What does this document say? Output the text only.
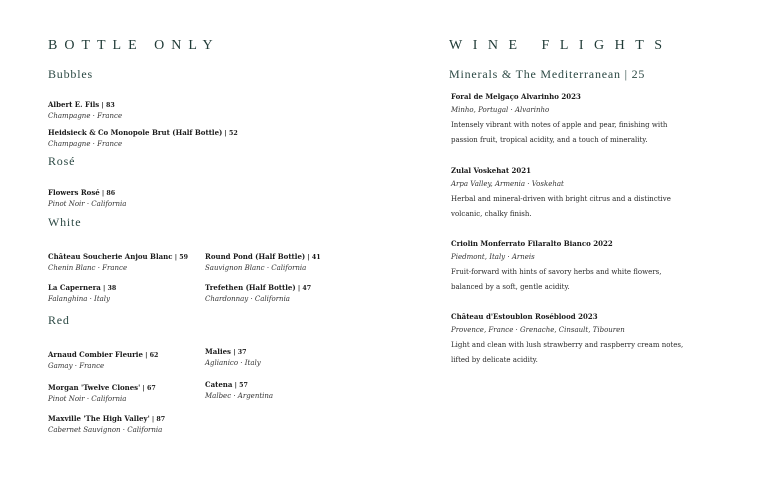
BOTTLE ONLY	WINE FLIGHTS
Bubbles
Albert E. Fils | 83
Champagne · France
Heidsieck & Co Monopole Brut (Half Bottle) | 52
Champagne · France
Rosé
Flowers Rosé | 86
Pinot Noir · California
White
Château Soucherie Anjou Blanc | 59
Chenin Blanc · France
Round Pond (Half Bottle) | 41
Sauvignon Blanc · California
La Capernera | 38
Falanghina · Italy
Trefethen (Half Bottle) | 47
Chardonnay · California
Red
Arnaud Combier Fleurie | 62
Gamay · France
Malies | 37
Aglianico · Italy
Morgan 'Twelve Clones' | 67
Pinot Noir · California
Catena | 57
Malbec · Argentina
Maxville 'The High Valley' | 87
Cabernet Sauvignon · California
Minerals & The Mediterranean | 25
Foral de Melgaço Alvarinho 2023
Minho, Portugal · Alvarinho
Intensely vibrant with notes of apple and pear, finishing with passion fruit, tropical acidity, and a touch of minerality.
Zulal Voskehat 2021
Arpa Valley, Armenia · Voskehat
Herbal and mineral-driven with bright citrus and a distinctive volcanic, chalky finish.
Criolin Monferrato Filaralto Bianco 2022
Piedmont, Italy · Arneis
Fruit-forward with hints of savory herbs and white flowers, balanced by a soft, gentle acidity.
Château d'Estoublon Roséblood 2023
Provence, France · Grenache, Cinsault, Tibouren
Light and clean with lush strawberry and raspberry cream notes, lifted by delicate acidity.
